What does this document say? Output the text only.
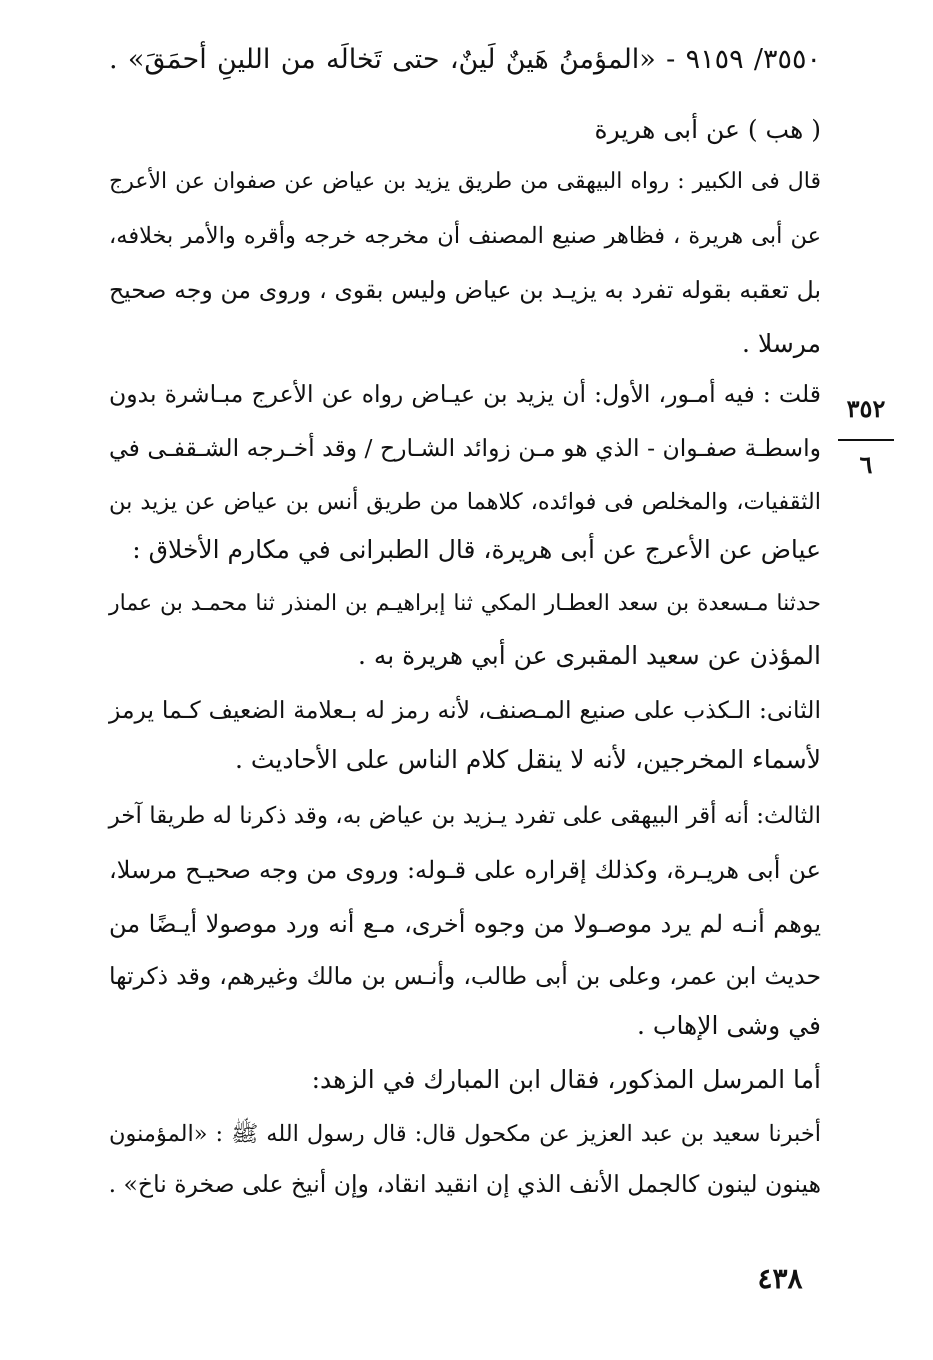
٣٥٥٠/ ٩١٥٩ - «المؤمنُ هَينٌ لَينٌ، حتى تَخالَه من اللينِ أحمَقَ» .
( هب ) عن أبى هريرة
قال فى الكبير : رواه البيهقى من طريق يزيد بن عياض عن صفوان عن الأعرج
عن أبى هريرة ، فظاهر صنيع المصنف أن مخرجه خرجه وأقره والأمر بخلافه،
بل تعقبه بقوله تفرد به يزيـد بن عياض وليس بقوى ، وروى من وجه صحيح
مرسلا .
قلت : فيه أمـور، الأول: أن يزيد بن عيـاض رواه عن الأعرج مبـاشرة بدون
واسطـة صفـوان - الذي هو مـن زوائد الشـارح / وقد أخـرجه الشـقفـى في
الثقفيات، والمخلص فى فوائده، كلاهما من طريق أنس بن عياض عن يزيد بن
عياض عن الأعرج عن أبى هريرة، قال الطبرانى في مكارم الأخلاق :
٣٥٢
٦
حدثنا مـسعدة بن سعد العطـار المكي ثنا إبراهيـم بن المنذر ثنا محمـد بن عمار
المؤذن عن سعيد المقبرى عن أبي هريرة به .
الثانى: الـكذب على صنيع المـصنف، لأنه رمز له بـعلامة الضعيف كـما يرمز
لأسماء المخرجين، لأنه لا ينقل كلام الناس على الأحاديث .
الثالث: أنه أقر البيهقى على تفرد يـزيد بن عياض به، وقد ذكرنا له طريقا آخر
عن أبى هريـرة، وكذلك إقراره على قـوله: وروى من وجه صحيـح مرسلا،
يوهم أنـه لم يرد موصـولا من وجوه أخرى، مـع أنه ورد موصولا أيـضًا من
حديث ابن عمر، وعلى بن أبى طالب، وأنـس بن مالك وغيرهم، وقد ذكرتها
في وشى الإهاب .
أما المرسل المذكور، فقال ابن المبارك في الزهد:
أخبرنا سعيد بن عبد العزيز عن مكحول قال: قال رسول الله ﷺ : «المؤمنون
هينون لينون كالجمل الأنف الذي إن انقيد انقاد، وإن أنيخ على صخرة ناخ» .
٤٣٨
